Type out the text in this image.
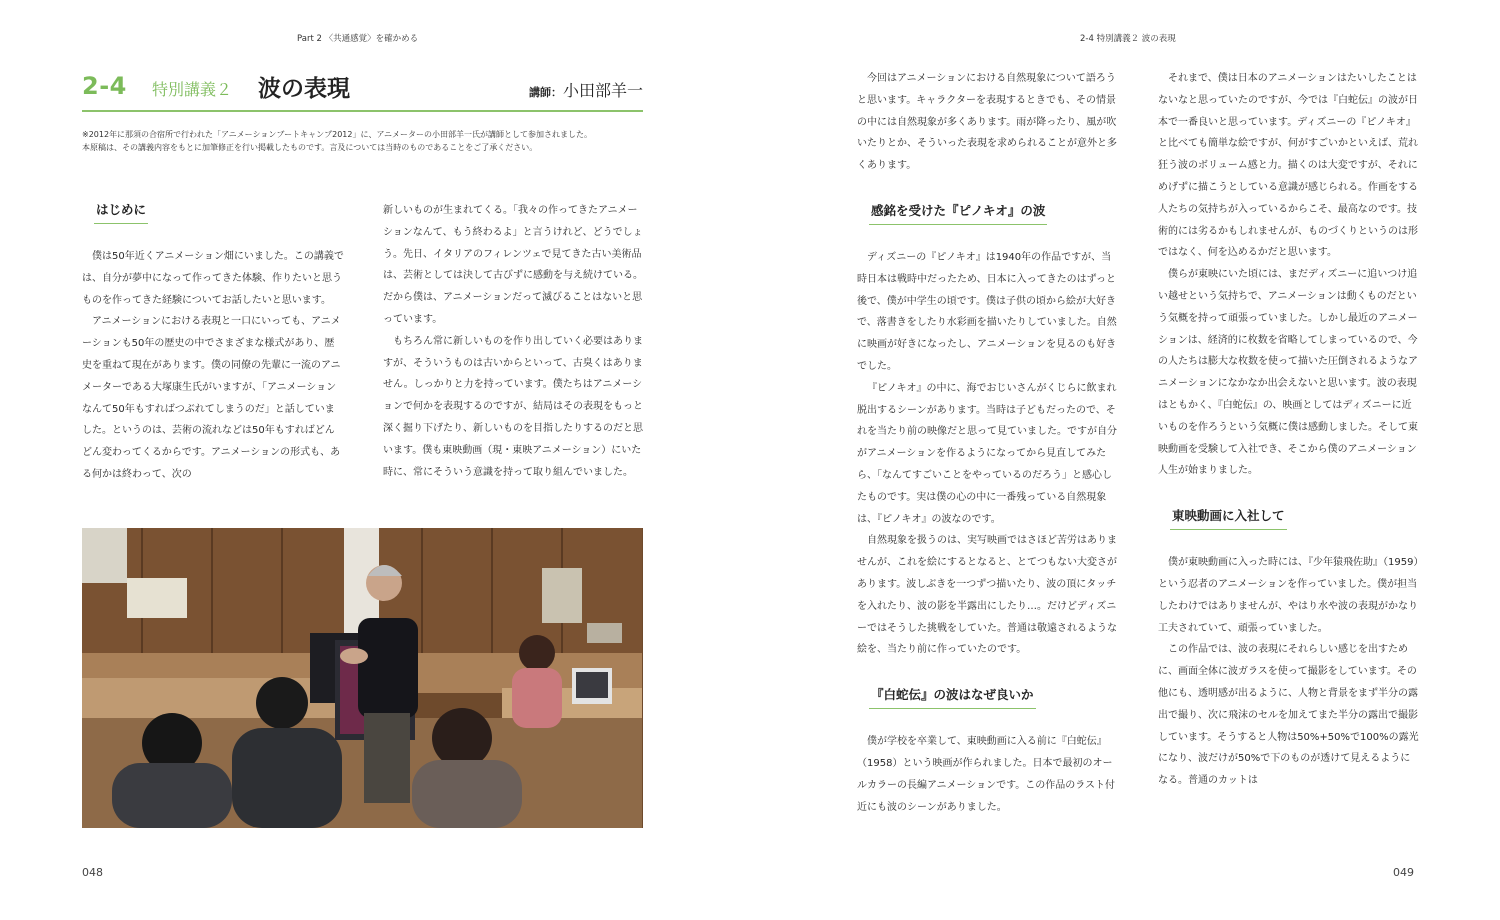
Part 2 〈共通感覚〉を確かめる
2-4 特別講義２ 波の表現	講師：小田部羊一
※2012年に那須の合宿所で行われた「アニメーションブートキャンプ2012」に、アニメーターの小田部羊一氏が講師として参加されました。
本原稿は、その講義内容をもとに加筆修正を行い掲載したものです。言及については当時のものであることをご了承ください。
はじめに

僕は50年近くアニメーション畑にいました。この講義では、自分が夢中になって作ってきた体験、作りたいと思うものを作ってきた経験についてお話したいと思います。

アニメーションにおける表現と一口にいっても、アニメーションも50年の歴史の中でさまざまな様式があり、歴史を重ねて現在があります。僕の同僚の先輩に一流のアニメーターである大塚康生氏がいますが、「アニメーションなんて50年もすればつぶれてしまうのだ」と話していました。というのは、芸術の流れなどは50年もすればどんどん変わってくるからです。アニメーションの形式も、ある何かは終わって、次の

新しいものが生まれてくる。「我々の作ってきたアニメーションなんて、もう終わるよ」と言うけれど、どうでしょう。先日、イタリアのフィレンツェで見てきた古い美術品は、芸術としては決して古びずに感動を与え続けている。だから僕は、アニメーションだって滅びることはないと思っています。

もちろん常に新しいものを作り出していく必要はありますが、そういうものは古いからといって、古臭くはありません。しっかりと力を持っています。僕たちはアニメーションで何かを表現するのですが、結局はその表現をもっと深く掘り下げたり、新しいものを目指したりするのだと思います。僕も東映動画（現・東映アニメーション）にいた時に、常にそういう意識を持って取り組んでいました。

048
2-4 特別講義２ 波の表現

今回はアニメーションにおける自然現象について語ろうと思います。キャラクターを表現するときでも、その情景の中には自然現象が多くあります。雨が降ったり、風が吹いたりとか、そういった表現を求められることが意外と多くあります。

感銘を受けた『ピノキオ』の波

ディズニーの『ピノキオ』は1940年の作品ですが、当時日本は戦時中だったため、日本に入ってきたのはずっと後で、僕が中学生の頃です。僕は子供の頃から絵が大好きで、落書きをしたり水彩画を描いたりしていました。自然に映画が好きになったし、アニメーションを見るのも好きでした。

『ピノキオ』の中に、海でおじいさんがくじらに飲まれ脱出するシーンがあります。当時は子どもだったので、それを当たり前の映像だと思って見ていました。ですが自分がアニメーションを作るようになってから見直してみたら、「なんてすごいことをやっているのだろう」と感心したものです。実は僕の心の中に一番残っている自然現象は、『ピノキオ』の波なのです。

自然現象を扱うのは、実写映画ではさほど苦労はありませんが、これを絵にするとなると、とてつもない大変さがあります。波しぶきを一つずつ描いたり、波の頂にタッチを入れたり、波の影を半露出にしたり…。だけどディズニーではそうした挑戦をしていた。普通は敬遠されるような絵を、当たり前に作っていたのです。

『白蛇伝』の波はなぜ良いか

僕が学校を卒業して、東映動画に入る前に『白蛇伝』（1958）という映画が作られました。日本で最初のオールカラーの長編アニメーションです。この作品のラスト付近にも波のシーンがありました。

それまで、僕は日本のアニメーションはたいしたことはないなと思っていたのですが、今では『白蛇伝』の波が日本で一番良いと思っています。ディズニーの『ピノキオ』と比べても簡単な絵ですが、何がすごいかといえば、荒れ狂う波のボリューム感と力。描くのは大変ですが、それにめげずに描こうとしている意識が感じられる。作画をする人たちの気持ちが入っているからこそ、最高なのです。技術的には劣るかもしれませんが、ものづくりというのは形ではなく、何を込めるかだと思います。

僕らが東映にいた頃には、まだディズニーに追いつけ追い越せという気持ちで、アニメーションは動くものだという気概を持って頑張っていました。しかし最近のアニメーションは、経済的に枚数を省略してしまっているので、今の人たちは膨大な枚数を使って描いた圧倒されるようなアニメーションになかなか出会えないと思います。波の表現はともかく、『白蛇伝』の、映画としてはディズニーに近いものを作ろうという気概に僕は感動しました。そして東映動画を受験して入社でき、そこから僕のアニメーション人生が始まりました。

東映動画に入社して

僕が東映動画に入った時には、『少年猿飛佐助』（1959）という忍者のアニメーションを作っていました。僕が担当したわけではありませんが、やはり水や波の表現がかなり工夫されていて、頑張っていました。

この作品では、波の表現にそれらしい感じを出すために、画面全体に波ガラスを使って撮影をしています。その他にも、透明感が出るように、人物と背景をまず半分の露出で撮り、次に飛沫のセルを加えてまた半分の露出で撮影しています。そうすると人物は50%+50%で100%の露光になり、波だけが50%で下のものが透けて見えるようになる。普通のカットは

049
